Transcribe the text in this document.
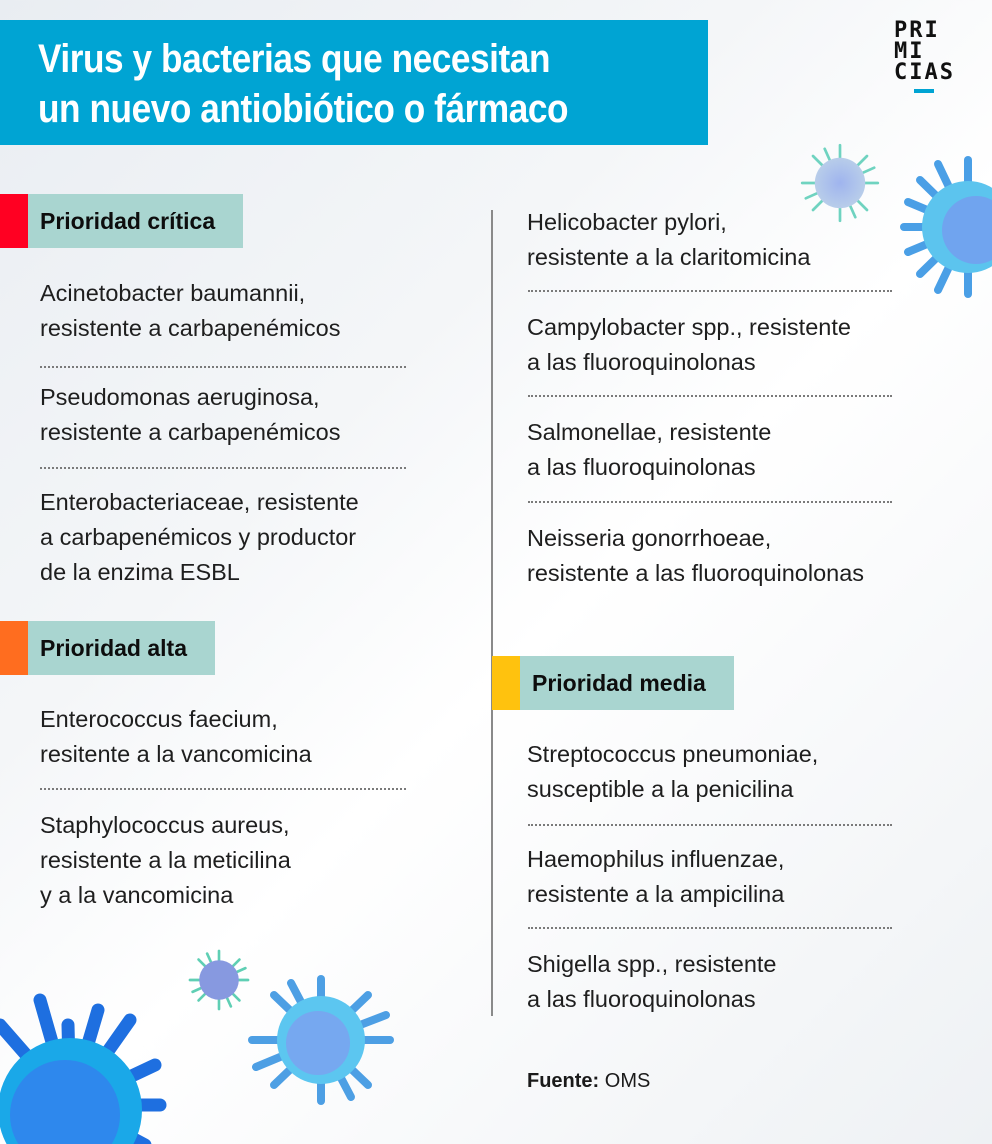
Virus y bacterias que necesitan
un nuevo antiobiótico o fármaco
PRI
MI
CIAS
Prioridad crítica
Acinetobacter baumannii,
resistente a carbapenémicos
Pseudomonas aeruginosa,
resistente a carbapenémicos
Enterobacteriaceae, resistente
a carbapenémicos y productor
de la enzima ESBL
Prioridad alta
Enterococcus faecium,
resitente a la vancomicina
Staphylococcus aureus,
resistente a la meticilina
y a la vancomicina
Helicobacter pylori,
resistente a la claritomicina
Campylobacter spp., resistente
a las fluoroquinolonas
Salmonellae, resistente
a las fluoroquinolonas
Neisseria gonorrhoeae,
resistente a las fluoroquinolonas
Prioridad media
Streptococcus pneumoniae,
susceptible a la penicilina
Haemophilus influenzae,
resistente a la ampicilina
Shigella spp., resistente
a las fluoroquinolonas
Fuente: OMS
